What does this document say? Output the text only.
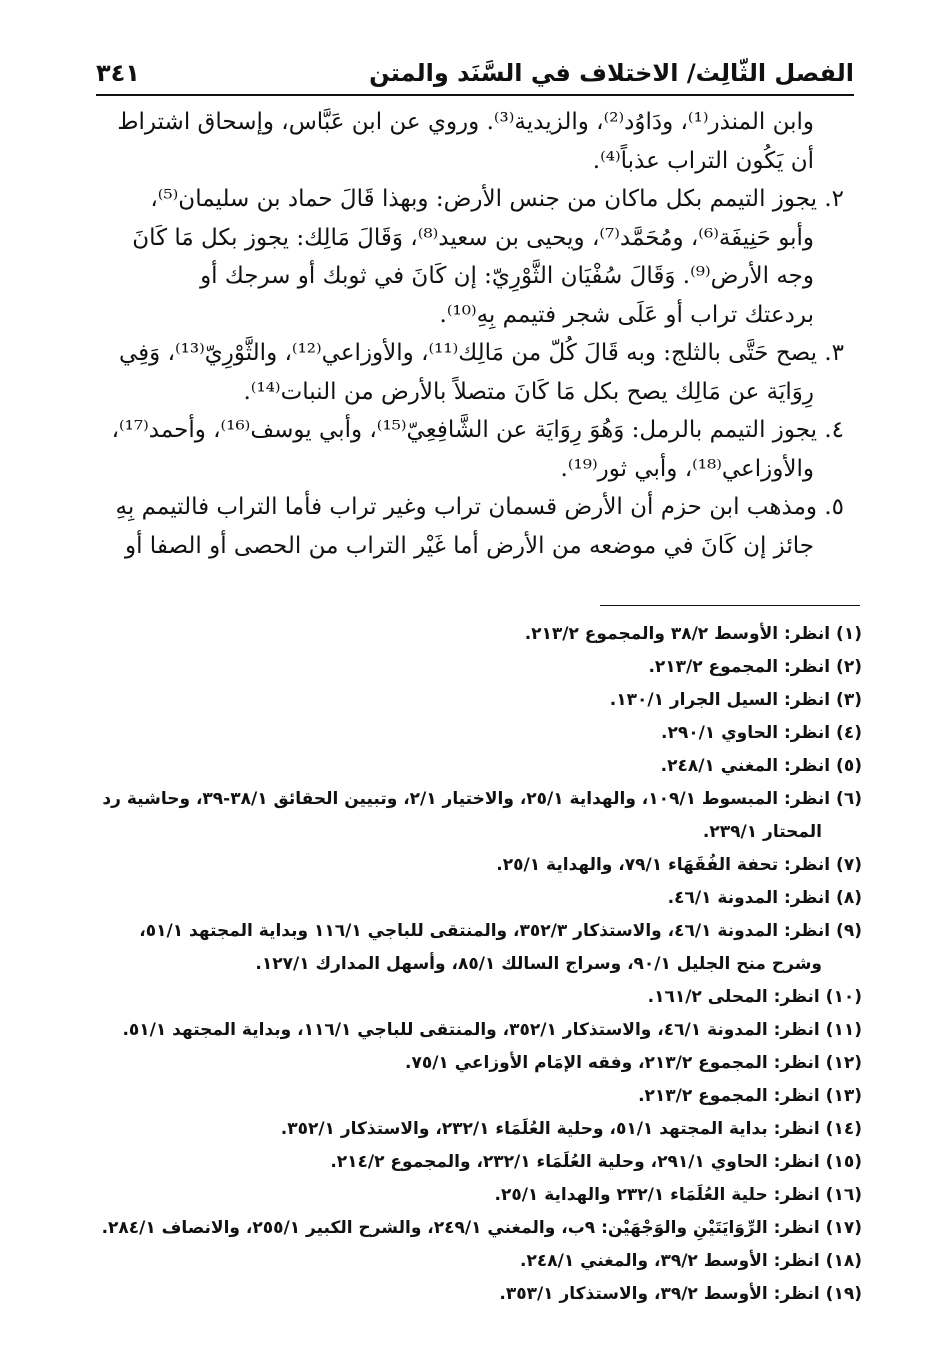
الفصل الثّالِث/ الاختلاف في السَّنَد والمتن
٣٤١

وابن المنذر⁽¹⁾، ودَاوُد⁽²⁾، والزيدية⁽³⁾. وروي عن ابن عَبَّاس، وإسحاق اشتراط

أن يَكُون التراب عذباً⁽⁴⁾.

٢. يجوز التيمم بكل ماكان من جنس الأرض: وبهذا قَالَ حماد بن سليمان⁽⁵⁾،

وأبو حَنِيفَة⁽⁶⁾، ومُحَمَّد⁽⁷⁾، ويحيى بن سعيد⁽⁸⁾، وَقَالَ مَالِك: يجوز بكل مَا كَانَ

وجه الأرض⁽⁹⁾. وَقَالَ سُفْيَان الثَّوْرِيّ: إن كَانَ في ثوبك أو سرجك أو

بردعتك تراب أو عَلَى شجر فتيمم بِهِ⁽¹⁰⁾.

٣. يصح حَتَّى بالثلج: وبه قَالَ كُلّ من مَالِك⁽¹¹⁾، والأوزاعي⁽¹²⁾، والثَّوْرِيّ⁽¹³⁾، وَفِي

رِوَايَة عن مَالِك يصح بكل مَا كَانَ متصلاً بالأرض من النبات⁽¹⁴⁾.

٤. يجوز التيمم بالرمل: وَهُوَ رِوَايَة عن الشَّافِعِيّ⁽¹⁵⁾، وأبي يوسف⁽¹⁶⁾، وأحمد⁽¹⁷⁾،

والأوزاعي⁽¹⁸⁾، وأبي ثور⁽¹⁹⁾.

٥. ومذهب ابن حزم أن الأرض قسمان تراب وغير تراب فأما التراب فالتيمم بِهِ

جائز إن كَانَ في موضعه من الأرض أما غَيْر التراب من الحصى أو الصفا أو

(١) انظر: الأوسط ٣٨/٢ والمجموع ٢١٣/٢.

(٢) انظر: المجموع ٢١٣/٢.

(٣) انظر: السيل الجرار ١٣٠/١.

(٤) انظر: الحاوي ٢٩٠/١.

(٥) انظر: المغني ٢٤٨/١.

(٦) انظر: المبسوط ١٠٩/١، والهداية ٢٥/١، والاختيار ٢/١، وتبيين الحقائق ٣٨/١-٣٩، وحاشية رد

المحتار ٢٣٩/١.

(٧) انظر: تحفة الفُقَهَاء ٧٩/١، والهداية ٢٥/١.

(٨) انظر: المدونة ٤٦/١.

(٩) انظر: المدونة ٤٦/١، والاستذكار ٣٥٢/٣، والمنتقى للباجي ١١٦/١ وبداية المجتهد ٥١/١،

وشرح منح الجليل ٩٠/١، وسراج السالك ٨٥/١، وأسهل المدارك ١٢٧/١.

(١٠) انظر: المحلى ١٦١/٢.

(١١) انظر: المدونة ٤٦/١، والاستذكار ٣٥٢/١، والمنتقى للباجي ١١٦/١، وبداية المجتهد ٥١/١.

(١٢) انظر: المجموع ٢١٣/٢، وفقه الإمَام الأوزاعي ٧٥/١.

(١٣) انظر: المجموع ٢١٣/٢.

(١٤) انظر: بداية المجتهد ٥١/١، وحلية العُلَمَاء ٢٣٢/١، والاستذكار ٣٥٢/١.

(١٥) انظر: الحاوي ٢٩١/١، وحلية العُلَمَاء ٢٣٢/١، والمجموع ٢١٤/٢.

(١٦) انظر: حلية العُلَمَاء ٢٣٢/١ والهداية ٢٥/١.

(١٧) انظر: الرِّوَايَتَيْنِ والوَجْهَيْن: ٩ب، والمغني ٢٤٩/١، والشرح الكبير ٢٥٥/١، والانصاف ٢٨٤/١.

(١٨) انظر: الأوسط ٣٩/٢، والمغني ٢٤٨/١.

(١٩) انظر: الأوسط ٣٩/٢، والاستذكار ٣٥٣/١.
